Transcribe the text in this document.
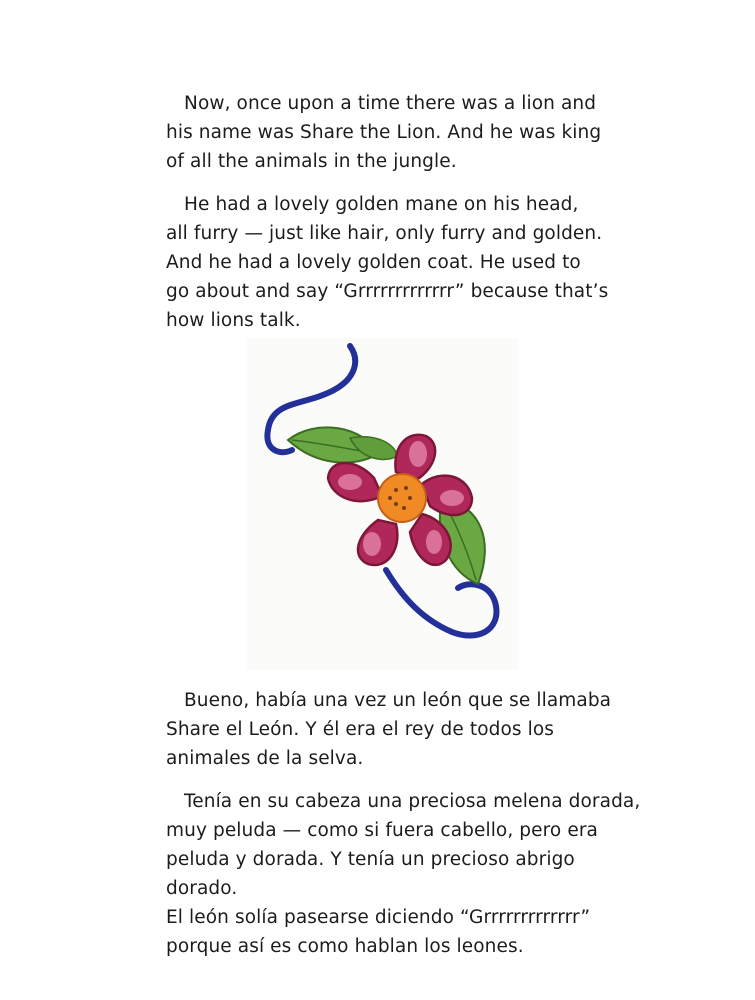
Now, once upon a time there was a lion and
his name was Share the Lion. And he was king
of all the animals in the jungle.
He had a lovely golden mane on his head,
all furry — just like hair, only furry and golden.
And he had a lovely golden coat. He used to
go about and say “Grrrrrrrrrrrrr” because that’s
how lions talk.
Bueno, había una vez un león que se llamaba
Share el León. Y él era el rey de todos los
animales de la selva.
Tenía en su cabeza una preciosa melena dorada,
muy peluda — como si fuera cabello, pero era
peluda y dorada. Y tenía un precioso abrigo dorado.
El león solía pasearse diciendo “Grrrrrrrrrrrrr”
porque así es como hablan los leones.
